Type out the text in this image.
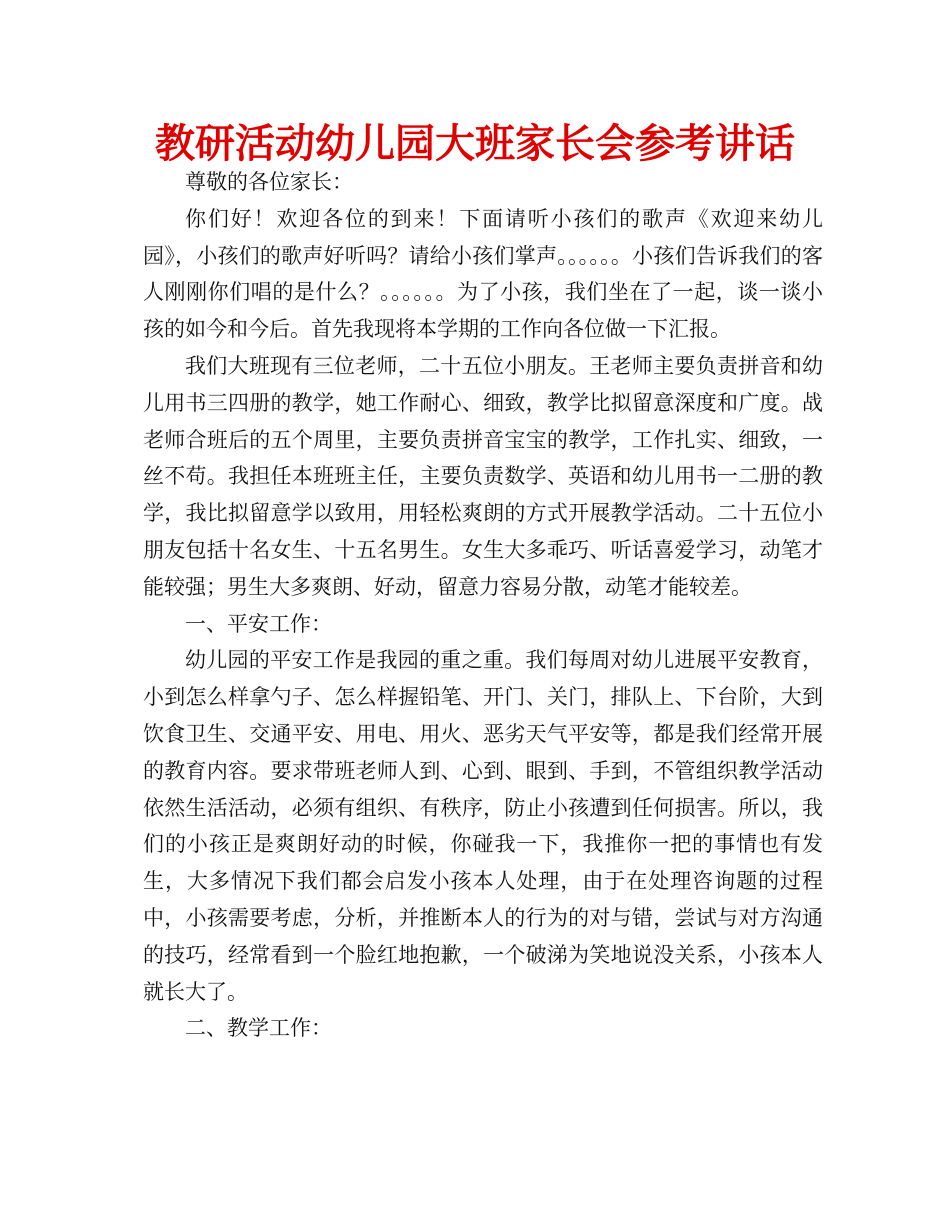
教研活动幼儿园大班家长会参考讲话

尊敬的各位家长：

你们好！欢迎各位的到来！下面请听小孩们的歌声《欢迎来幼儿园》，小孩们的歌声好听吗？请给小孩们掌声。。。。。。小孩们告诉我们的客人刚刚你们唱的是什么？。。。。。。为了小孩，我们坐在了一起，谈一谈小孩的如今和今后。首先我现将本学期的工作向各位做一下汇报。

我们大班现有三位老师，二十五位小朋友。王老师主要负责拼音和幼儿用书三四册的教学，她工作耐心、细致，教学比拟留意深度和广度。战老师合班后的五个周里，主要负责拼音宝宝的教学，工作扎实、细致，一丝不苟。我担任本班班主任，主要负责数学、英语和幼儿用书一二册的教学，我比拟留意学以致用，用轻松爽朗的方式开展教学活动。二十五位小朋友包括十名女生、十五名男生。女生大多乖巧、听话喜爱学习，动笔才能较强；男生大多爽朗、好动，留意力容易分散，动笔才能较差。

一、平安工作：

幼儿园的平安工作是我园的重之重。我们每周对幼儿进展平安教育，小到怎么样拿勺子、怎么样握铅笔、开门、关门，排队上、下台阶，大到饮食卫生、交通平安、用电、用火、恶劣天气平安等，都是我们经常开展的教育内容。要求带班老师人到、心到、眼到、手到，不管组织教学活动依然生活活动，必须有组织、有秩序，防止小孩遭到任何损害。所以，我们的小孩正是爽朗好动的时候，你碰我一下，我推你一把的事情也有发生，大多情况下我们都会启发小孩本人处理，由于在处理咨询题的过程中，小孩需要考虑，分析，并推断本人的行为的对与错，尝试与对方沟通的技巧，经常看到一个脸红地抱歉，一个破涕为笑地说没关系，小孩本人就长大了。

二、教学工作：
